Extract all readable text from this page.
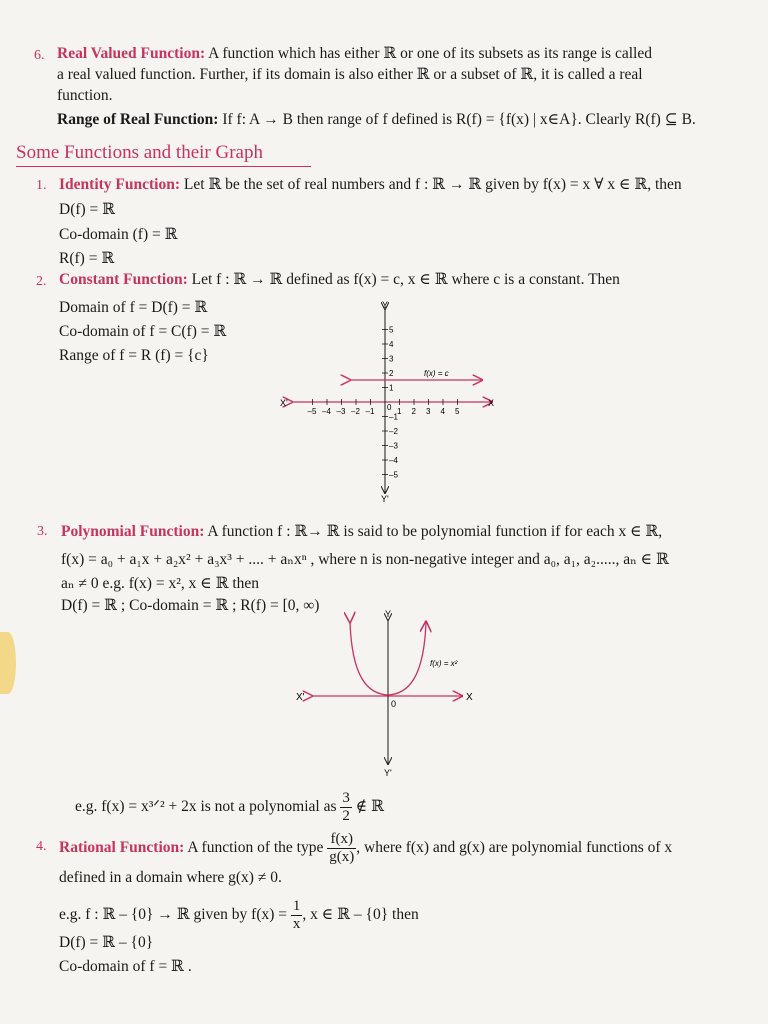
6. Real Valued Function: A function which has either ℝ or one of its subsets as its range is called
a real valued function. Further, if its domain is also either ℝ or a subset of ℝ, it is called a real
function.
Range of Real Function: If f: A → B then range of f defined is R(f) = {f(x) | x∈A}. Clearly R(f) ⊆ B.
Some Functions and their Graph
1. Identity Function: Let ℝ be the set of real numbers and f : ℝ → ℝ given by f(x) = x ∀ x ∈ ℝ, then
D(f) = ℝ
Co-domain (f) = ℝ
R(f) = ℝ
2. Constant Function: Let f : ℝ → ℝ defined as f(x) = c, x ∈ ℝ where c is a constant. Then
Domain of f = D(f) = ℝ
Co-domain of f = C(f) = ℝ
Range of f = R (f) = {c}
–5 –4 –3 –2 –1	1 2 3 4 5
5
4
3
2
1
–1
–2
–3
–4
–5
Y
Y'
X
X'	0
f(x) = c
3. Polynomial Function: A function f : ℝ→ ℝ is said to be polynomial function if for each x ∈ ℝ,
f(x) = a₀ + a₁x + a₂x² + a₃x³ + .... + aₙxⁿ , where n is non-negative integer and a₀, a₁, a₂....., aₙ ∈ ℝ
aₙ ≠ 0 e.g. f(x) = x², x ∈ ℝ then
D(f) = ℝ ; Co-domain = ℝ ; R(f) = [0, ∞)	Y
Y'
X
X'
0
f(x) = x²
e.g. f(x) = x³ᐟ² + 2x is not a polynomial as $\frac{3}{2}$ ∉ ℝ
4. Rational Function: A function of the type $\frac{f(x)}{g(x)}$ , where f(x) and g(x) are polynomial functions of x
defined in a domain where g(x) ≠ 0.
e.g. f : ℝ – {0} → ℝ given by $f(x) = \frac{1}{x}$ , x ∈ ℝ – {0} then
D(f) = ℝ – {0}
Co-domain of f = ℝ .
